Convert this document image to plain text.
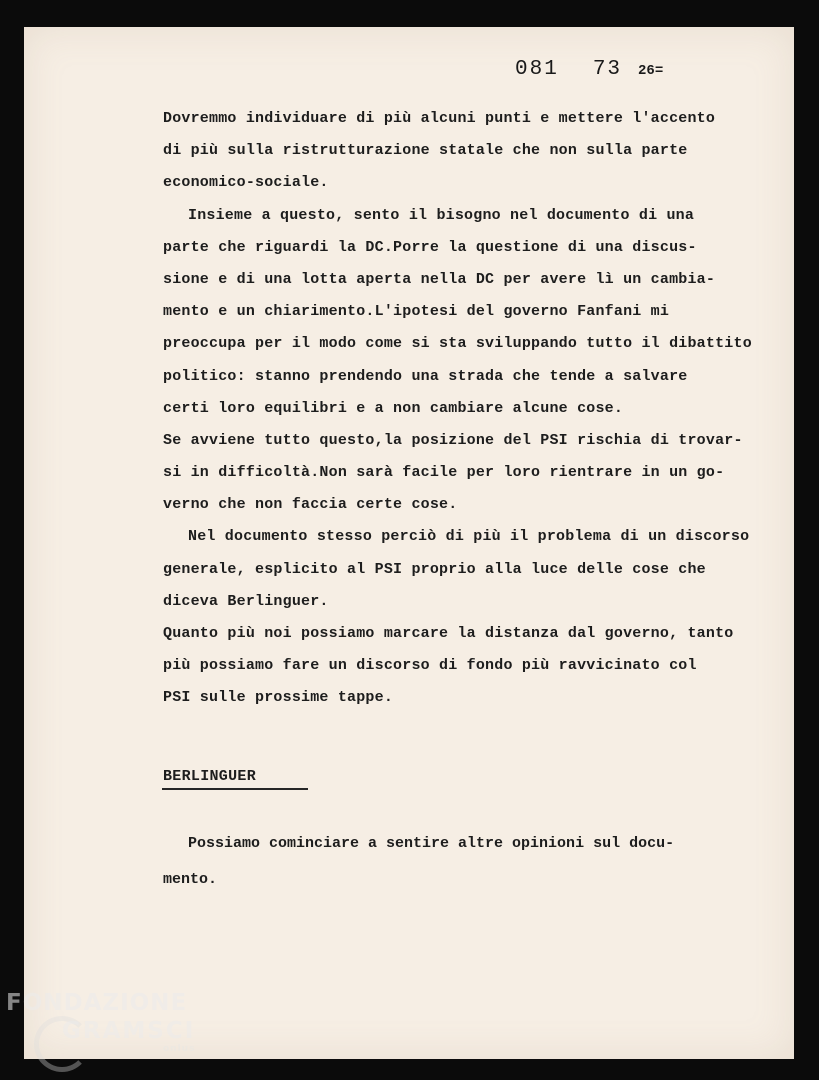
081 73 26=
Dovremmo individuare di più alcuni punti e mettere l'accento
di più sulla ristrutturazione statale che non sulla parte
economico-sociale.
Insieme a questo, sento il bisogno nel documento di una
parte che riguardi la DC.Porre la questione di una discus-
sione e di una lotta aperta nella DC per avere lì un cambia-
mento e un chiarimento.L'ipotesi del governo Fanfani mi
preoccupa per il modo come si sta sviluppando tutto il dibattito
politico: stanno prendendo una strada che tende a salvare
certi loro equilibri e a non cambiare alcune cose.
Se avviene tutto questo,la posizione del PSI rischia di trovar-
si in difficoltà.Non sarà facile per loro rientrare in un go-
verno che non faccia certe cose.
Nel documento stesso perciò di più il problema di un discorso
generale, esplicito al PSI proprio alla luce delle cose che
diceva Berlinguer.
Quanto più noi possiamo marcare la distanza dal governo, tanto
più possiamo fare un discorso di fondo più ravvicinato col
PSI sulle prossime tappe.
BERLINGUER
Possiamo cominciare a sentire altre opinioni sul docu-
mento.
FONDAZIONE
GRAMSCI
onlus
